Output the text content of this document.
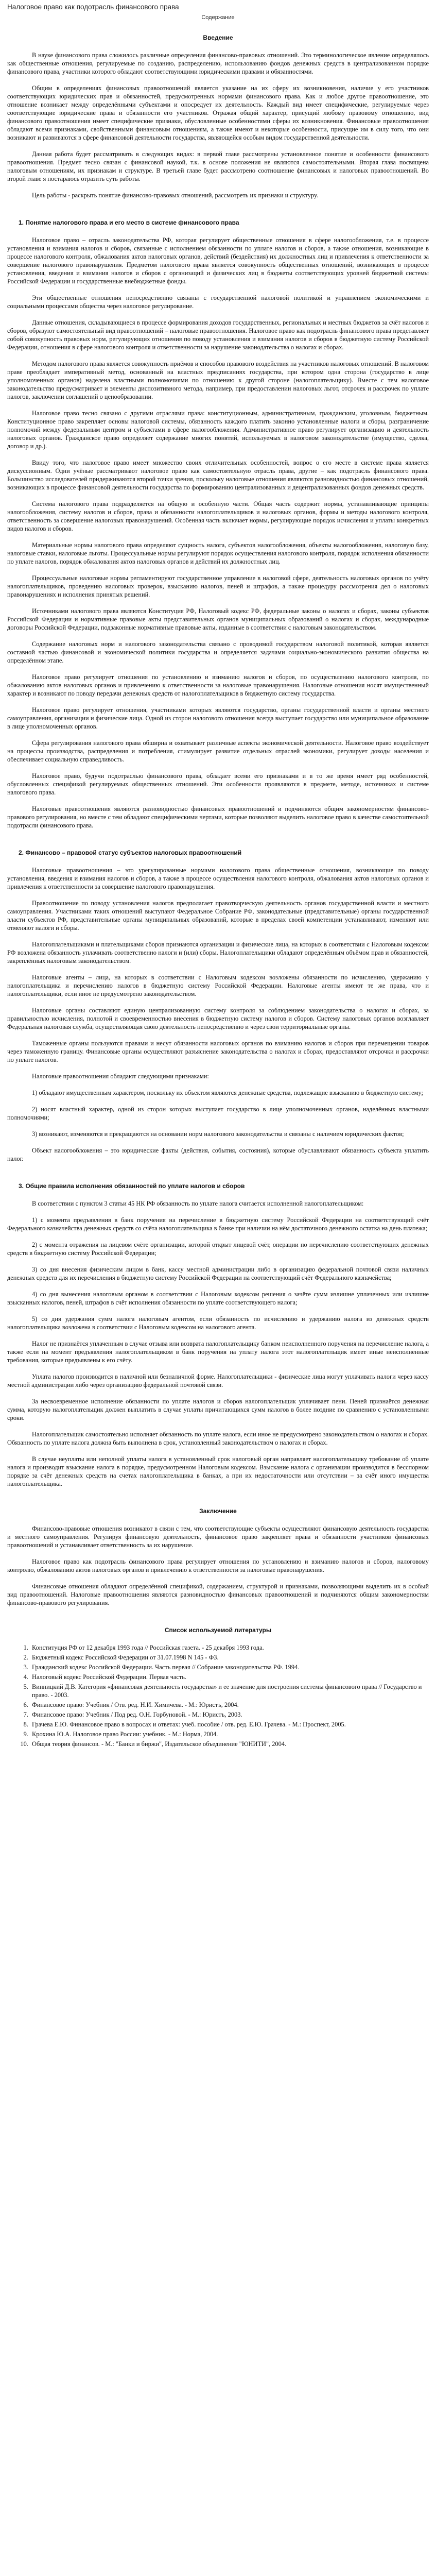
Налоговое право как подотрасль финансового права
Содержание
Введение

В науке финансового права сложилось различные определения финансово-правовых отношений. Это терминологическое явление определялось как общественные отношения, регулируемые по созданию, распределению, использованию фондов денежных средств в централизованном порядке финансового права, участники которого обладают соответствующими юридическими правами и обязанностями.

Общим в определениях финансовых правоотношений является указание на их сферу их возникновения, наличие у его участников соответствующих юридических прав и обязанностей, предусмотренных нормами финансового права. Как и любое другое правоотношение, это отношение возникает между определёнными субъектами и опосредует их деятельность. Каждый вид имеет специфические, регулируемые через соответствующие юридические права и обязанности его участников. Отражая общий характер, присущий любому правовому отношению, вид финансового правоотношения имеет специфические признаки, обусловленные особенностями сферы их возникновения. Финансовые правоотношения обладают всеми признаками, свойственными финансовым отношениям, а также имеют и некоторые особенности, присущие им в силу того, что они возникают и развиваются в сфере финансовой деятельности государства, являющейся особым видом государственной деятельности.

Данная работа будет рассматривать в следующих видах: в первой главе рассмотрены установленное понятие и особенности финансового правоотношения. Предмет тесно связан с финансовой наукой, т.к. в основе положения не являются самостоятельными. Вторая глава посвящена налоговым отношениям, их признакам и структуре. В третьей главе будет рассмотрено соотношение финансовых и налоговых правоотношений. Во второй главе я постараюсь отразить суть работы.

Цель работы - раскрыть понятие финансово-правовых отношений, рассмотреть их признаки и структуру.

1. Понятие налогового права и его место в системе финансового права

Налоговое право – отрасль законодательства РФ, которая регулирует общественные отношения в сфере налогообложения, т.е. в процессе установления и взимания налогов и сборов, связанные с исполнением обязанности по уплате налогов и сборов, а также отношения, возникающие в процессе налогового контроля, обжалования актов налоговых органов, действий (бездействия) их должностных лиц и привлечения к ответственности за совершение налогового правонарушения. Предметом налогового права является совокупность общественных отношений, возникающих в процессе установления, введения и взимания налогов и сборов с организаций и физических лиц в бюджеты соответствующих уровней бюджетной системы Российской Федерации и государственные внебюджетные фонды.

Эти общественные отношения непосредственно связаны с государственной налоговой политикой и управлением экономическими и социальными процессами общества через налоговое регулирование.

Данные отношения, складывающиеся в процессе формирования доходов государственных, региональных и местных бюджетов за счёт налогов и сборов, образуют самостоятельный вид правоотношений – налоговые правоотношения. Налоговое право как подотрасль финансового права представляет собой совокупность правовых норм, регулирующих отношения по поводу установления и взимания налогов и сборов в бюджетную систему Российской Федерации, отношения в сфере налогового контроля и ответственности за нарушение законодательства о налогах и сборах.

Методом налогового права является совокупность приёмов и способов правового воздействия на участников налоговых отношений. В налоговом праве преобладает императивный метод, основанный на властных предписаниях государства, при котором одна сторона (государство в лице уполномоченных органов) наделена властными полномочиями по отношению к другой стороне (налогоплательщику). Вместе с тем налоговое законодательство предусматривает и элементы диспозитивного метода, например, при предоставлении налоговых льгот, отсрочек и рассрочек по уплате налогов, заключении соглашений о ценообразовании.

Налоговое право тесно связано с другими отраслями права: конституционным, административным, гражданским, уголовным, бюджетным. Конституционное право закрепляет основы налоговой системы, обязанность каждого платить законно установленные налоги и сборы, разграничение полномочий между федеральным центром и субъектами в сфере налогообложения. Административное право регулирует организацию и деятельность налоговых органов. Гражданское право определяет содержание многих понятий, используемых в налоговом законодательстве (имущество, сделка, договор и др.).

Ввиду того, что налоговое право имеет множество своих отличительных особенностей, вопрос о его месте в системе права является дискуссионным. Одни учёные рассматривают налоговое право как самостоятельную отрасль права, другие – как подотрасль финансового права. Большинство исследователей придерживаются второй точки зрения, поскольку налоговые отношения являются разновидностью финансовых отношений, возникающих в процессе финансовой деятельности государства по формированию централизованных и децентрализованных фондов денежных средств.

Система налогового права подразделяется на общую и особенную части. Общая часть содержит нормы, устанавливающие принципы налогообложения, систему налогов и сборов, права и обязанности налогоплательщиков и налоговых органов, формы и методы налогового контроля, ответственность за совершение налоговых правонарушений. Особенная часть включает нормы, регулирующие порядок исчисления и уплаты конкретных видов налогов и сборов.

Материальные нормы налогового права определяют сущность налога, субъектов налогообложения, объекты налогообложения, налоговую базу, налоговые ставки, налоговые льготы. Процессуальные нормы регулируют порядок осуществления налогового контроля, порядок исполнения обязанности по уплате налогов, порядок обжалования актов налоговых органов и действий их должностных лиц.

Процессуальные налоговые нормы регламентируют государственное управление в налоговой сфере, деятельность налоговых органов по учёту налогоплательщиков, проведению налоговых проверок, взысканию налогов, пеней и штрафов, а также процедуру рассмотрения дел о налоговых правонарушениях и исполнения принятых решений.

Источниками налогового права являются Конституция РФ, Налоговый кодекс РФ, федеральные законы о налогах и сборах, законы субъектов Российской Федерации и нормативные правовые акты представительных органов муниципальных образований о налогах и сборах, международные договоры Российской Федерации, подзаконные нормативные правовые акты, изданные в соответствии с налоговым законодательством.

Содержание налоговых норм и налогового законодательства связано с проводимой государством налоговой политикой, которая является составной частью финансовой и экономической политики государства и определяется задачами социально-экономического развития общества на определённом этапе.

Налоговое право регулирует отношения по установлению и взиманию налогов и сборов, по осуществлению налогового контроля, по обжалованию актов налоговых органов и привлечению к ответственности за налоговые правонарушения. Налоговые отношения носят имущественный характер и возникают по поводу передачи денежных средств от налогоплательщиков в бюджетную систему государства.

Налоговое право регулирует отношения, участниками которых являются государство, органы государственной власти и органы местного самоуправления, организации и физические лица. Одной из сторон налогового отношения всегда выступает государство или муниципальное образование в лице уполномоченных органов.

Сфера регулирования налогового права обширна и охватывает различные аспекты экономической деятельности. Налоговое право воздействует на процессы производства, распределения и потребления, стимулирует развитие отдельных отраслей экономики, регулирует доходы населения и обеспечивает социальную справедливость.

Налоговое право, будучи подотраслью финансового права, обладает всеми его признаками и в то же время имеет ряд особенностей, обусловленных спецификой регулируемых общественных отношений. Эти особенности проявляются в предмете, методе, источниках и системе налогового права.

Налоговые правоотношения являются разновидностью финансовых правоотношений и подчиняются общим закономерностям финансово-правового регулирования, но вместе с тем обладают специфическими чертами, которые позволяют выделить налоговое право в качестве самостоятельной подотрасли финансового права.

2. Финансово – правовой статус субъектов налоговых правоотношений

Налоговые правоотношения – это урегулированные нормами налогового права общественные отношения, возникающие по поводу установления, введения и взимания налогов и сборов, а также в процессе осуществления налогового контроля, обжалования актов налоговых органов и привлечения к ответственности за совершение налогового правонарушения.

Правоотношение по поводу установления налогов предполагает правотворческую деятельность органов государственной власти и местного самоуправления. Участниками таких отношений выступают Федеральное Собрание РФ, законодательные (представительные) органы государственной власти субъектов РФ, представительные органы муниципальных образований, которые в пределах своей компетенции устанавливают, изменяют или отменяют налоги и сборы.

Налогоплательщиками и плательщиками сборов признаются организации и физические лица, на которых в соответствии с Налоговым кодексом РФ возложена обязанность уплачивать соответственно налоги и (или) сборы. Налогоплательщики обладают определённым объёмом прав и обязанностей, закреплённых налоговым законодательством.

Налоговые агенты – лица, на которых в соответствии с Налоговым кодексом возложены обязанности по исчислению, удержанию у налогоплательщика и перечислению налогов в бюджетную систему Российской Федерации. Налоговые агенты имеют те же права, что и налогоплательщики, если иное не предусмотрено законодательством.

Налоговые органы составляют единую централизованную систему контроля за соблюдением законодательства о налогах и сборах, за правильностью исчисления, полнотой и своевременностью внесения в бюджетную систему налогов и сборов. Систему налоговых органов возглавляет Федеральная налоговая служба, осуществляющая свою деятельность непосредственно и через свои территориальные органы.

Таможенные органы пользуются правами и несут обязанности налоговых органов по взиманию налогов и сборов при перемещении товаров через таможенную границу. Финансовые органы осуществляют разъяснение законодательства о налогах и сборах, предоставляют отсрочки и рассрочки по уплате налогов.

Налоговые правоотношения обладают следующими признаками:

1) обладают имущественным характером, поскольку их объектом являются денежные средства, подлежащие взысканию в бюджетную систему;

2) носят властный характер, одной из сторон которых выступает государство в лице уполномоченных органов, наделённых властными полномочиями;

3) возникают, изменяются и прекращаются на основании норм налогового законодательства и связаны с наличием юридических фактов;

Объект налогообложения – это юридические факты (действия, события, состояния), которые обуславливают обязанность субъекта уплатить налог.

3. Общие правила исполнения обязанностей по уплате налогов и сборов

В соответствии с пунктом 3 статьи 45 НК РФ обязанность по уплате налога считается исполненной налогоплательщиком:

1) с момента предъявления в банк поручения на перечисление в бюджетную систему Российской Федерации на соответствующий счёт Федерального казначейства денежных средств со счёта налогоплательщика в банке при наличии на нём достаточного денежного остатка на день платежа;

2) с момента отражения на лицевом счёте организации, которой открыт лицевой счёт, операции по перечислению соответствующих денежных средств в бюджетную систему Российской Федерации;

3) со дня внесения физическим лицом в банк, кассу местной администрации либо в организацию федеральной почтовой связи наличных денежных средств для их перечисления в бюджетную систему Российской Федерации на соответствующий счёт Федерального казначейства;

4) со дня вынесения налоговым органом в соответствии с Налоговым кодексом решения о зачёте сумм излишне уплаченных или излишне взысканных налогов, пеней, штрафов в счёт исполнения обязанности по уплате соответствующего налога;

5) со дня удержания сумм налога налоговым агентом, если обязанность по исчислению и удержанию налога из денежных средств налогоплательщика возложена в соответствии с Налоговым кодексом на налогового агента.

Налог не признаётся уплаченным в случае отзыва или возврата налогоплательщику банком неисполненного поручения на перечисление налога, а также если на момент предъявления налогоплательщиком в банк поручения на уплату налога этот налогоплательщик имеет иные неисполненные требования, которые предъявлены к его счёту.

Уплата налогов производится в наличной или безналичной форме. Налогоплательщики - физические лица могут уплачивать налоги через кассу местной администрации либо через организацию федеральной почтовой связи.

За несвоевременное исполнение обязанности по уплате налогов и сборов налогоплательщик уплачивает пени. Пеней признаётся денежная сумма, которую налогоплательщик должен выплатить в случае уплаты причитающихся сумм налогов в более поздние по сравнению с установленными сроки.

Налогоплательщик самостоятельно исполняет обязанность по уплате налога, если иное не предусмотрено законодательством о налогах и сборах. Обязанность по уплате налога должна быть выполнена в срок, установленный законодательством о налогах и сборах.

В случае неуплаты или неполной уплаты налога в установленный срок налоговый орган направляет налогоплательщику требование об уплате налога и производит взыскание налога в порядке, предусмотренном Налоговым кодексом. Взыскание налога с организации производится в бесспорном порядке за счёт денежных средств на счетах налогоплательщика в банках, а при их недостаточности или отсутствии – за счёт иного имущества налогоплательщика.

Заключение

Финансово-правовые отношения возникают в связи с тем, что соответствующие субъекты осуществляют финансовую деятельность государства и местного самоуправления. Регулируя финансовую деятельность, финансовое право закрепляет права и обязанности участников финансовых правоотношений и устанавливает ответственность за их нарушение.

Налоговое право как подотрасль финансового права регулирует отношения по установлению и взиманию налогов и сборов, налоговому контролю, обжалованию актов налоговых органов и привлечению к ответственности за налоговые правонарушения.

Финансовые отношения обладают определённой спецификой, содержанием, структурой и признаками, позволяющими выделить их в особый вид правоотношений. Налоговые правоотношения являются разновидностью финансовых правоотношений и подчиняются общим закономерностям финансово-правового регулирования.

Список используемой литературы
1. Конституция РФ от 12 декабря 1993 года // Российская газета. - 25 декабря 1993 года.
2. Бюджетный кодекс Российской Федерации от 31.07.1998 N 145 - ФЗ.
3. Гражданский кодекс Российской Федерации. Часть первая // Собрание законодательства РФ. 1994.
4. Налоговый кодекс Российской Федерации. Первая часть.
5. Винницкий Д.В. Категория «финансовая деятельность государства» и ее значение для построения системы финансового права // Государство и право. - 2003.
6. Финансовое право: Учебник / Отв. ред. Н.И. Химичева. - М.: Юристъ, 2004.
7. Финансовое право: Учебник / Под ред. О.Н. Горбуновой. - М.: Юристъ, 2003.
8. Грачева Е.Ю. Финансовое право в вопросах и ответах: учеб. пособие / отв. ред. Е.Ю. Грачева. - М.: Проспект, 2005.
9. Крохина Ю.А. Налоговое право России: учебник. - М.: Норма, 2004.
10. Общая теория финансов. - М.: "Банки и биржи", Издательское объединение "ЮНИТИ", 2004.
